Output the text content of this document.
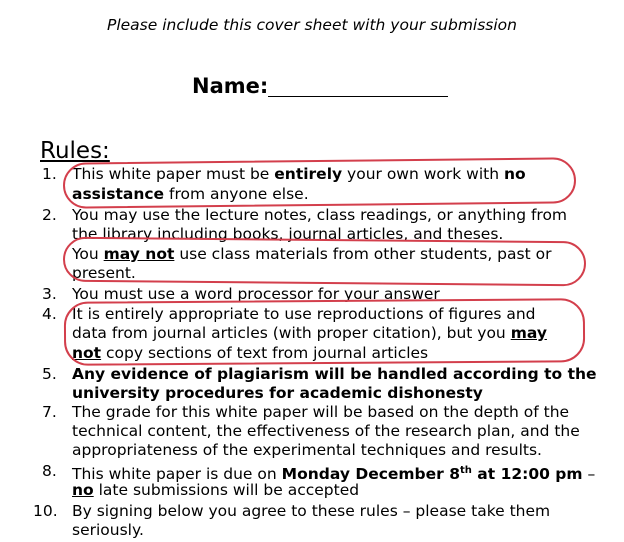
Please include this cover sheet with your submission
Name:
Rules:
1. This white paper must be entirely your own work with no
assistance from anyone else.
2. You may use the lecture notes, class readings, or anything from
the library including books, journal articles, and theses.
You may not use class materials from other students, past or
present.
3. You must use a word processor for your answer
4. It is entirely appropriate to use reproductions of figures and
data from journal articles (with proper citation), but you may
not copy sections of text from journal articles
5. Any evidence of plagiarism will be handled according to the
university procedures for academic dishonesty
7. The grade for this white paper will be based on the depth of the
technical content, the effectiveness of the research plan, and the
appropriateness of the experimental techniques and results.
8. This white paper is due on Monday December 8th at 12:00 pm –
no late submissions will be accepted
10. By signing below you agree to these rules – please take them
seriously.
